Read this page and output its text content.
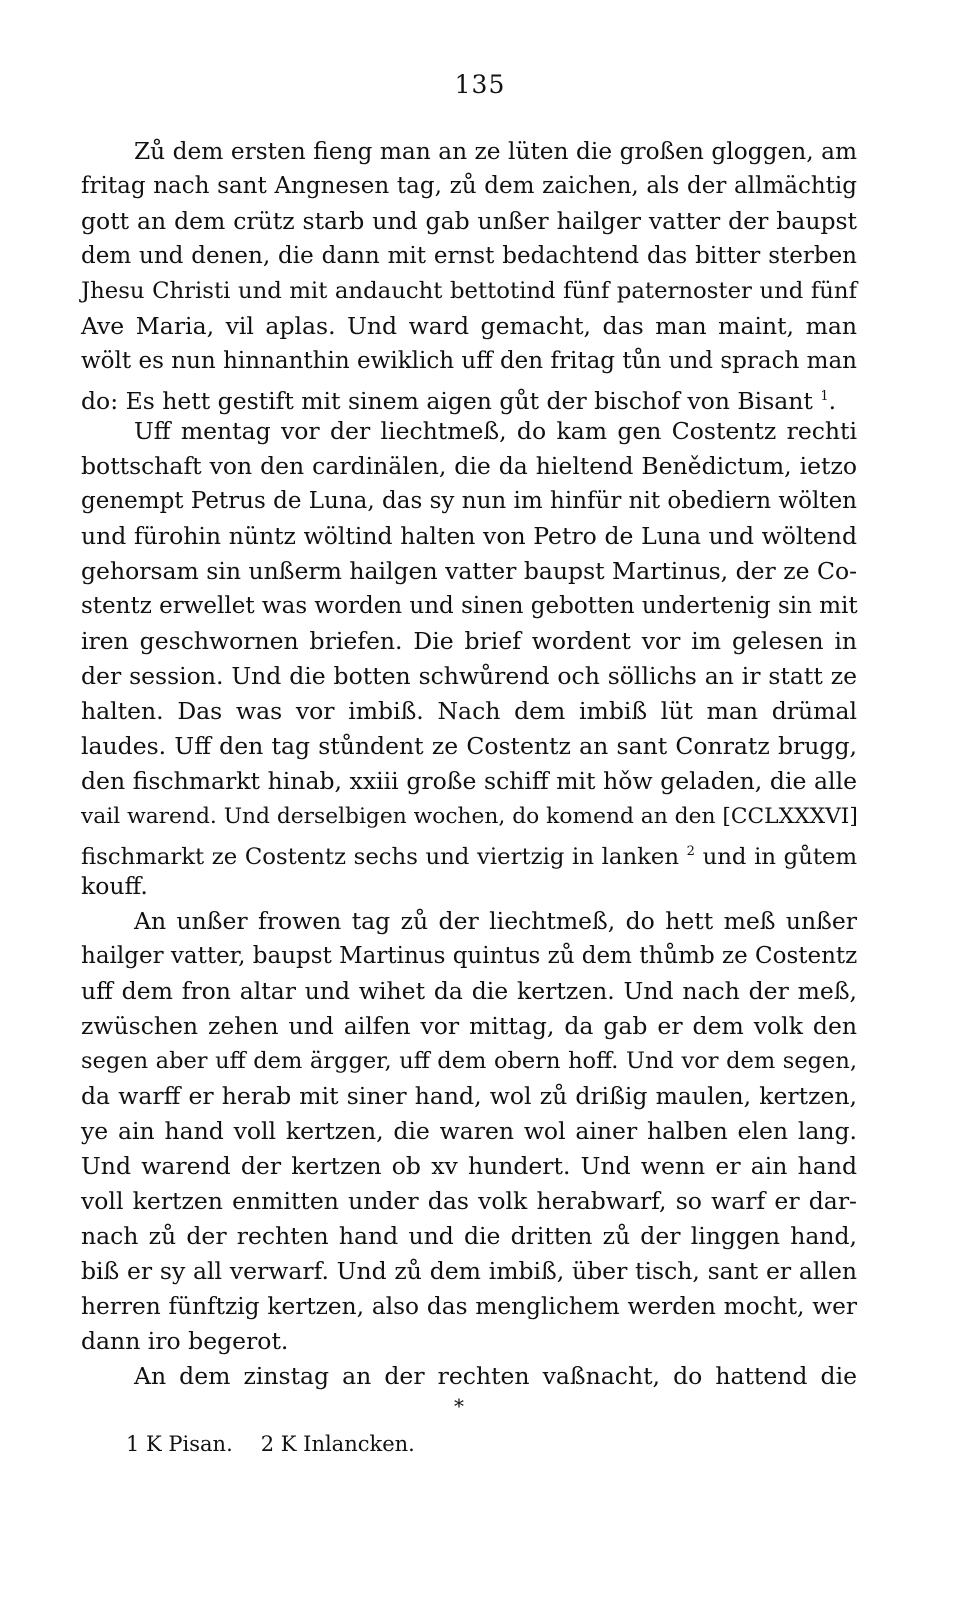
135
Zů dem ersten fieng man an ze lüten die großen gloggen, am
fritag nach sant Angnesen tag, zů dem zaichen, als der allmächtig
gott an dem crütz starb und gab unßer hailger vatter der baupst
dem und denen, die dann mit ernst bedachtend das bitter sterben
Jhesu Christi und mit andaucht bettotind fünf paternoster und fünf
Ave Maria, vil aplas. Und ward gemacht, das man maint, man
wölt es nun hinnanthin ewiklich uff den fritag tůn und sprach man
do: Es hett gestift mit sinem aigen gůt der bischof von Bisant $^1$.
Uff mentag vor der liechtmeß, do kam gen Costentz rechti
bottschaft von den cardinälen, die da hieltend Benědictum, ietzo
genempt Petrus de Luna, das sy nun im hinfür nit obediern wölten
und fürohin nüntz wöltind halten von Petro de Luna und wöltend
gehorsam sin unßerm hailgen vatter baupst Martinus, der ze Co-
stentz erwellet was worden und sinen gebotten undertenig sin mit
iren geschwornen briefen. Die brief wordent vor im gelesen in
der session. Und die botten schwůrend och söllichs an ir statt ze
halten. Das was vor imbiß. Nach dem imbiß lüt man drümal
laudes. Uff den tag stůndent ze Costentz an sant Conratz brugg,
den fischmarkt hinab, xxiii große schiff mit hǒw geladen, die alle
vail warend. Und derselbigen wochen, do komend an den [CCLXXXVI]
fischmarkt ze Costentz sechs und viertzig in lanken $^2$ und in gůtem
kouff.
An unßer frowen tag zů der liechtmeß, do hett meß unßer
hailger vatter, baupst Martinus quintus zů dem thůmb ze Costentz
uff dem fron altar und wihet da die kertzen. Und nach der meß,
zwüschen zehen und ailfen vor mittag, da gab er dem volk den
segen aber uff dem ärgger, uff dem obern hoff. Und vor dem segen,
da warff er herab mit siner hand, wol zů drißig maulen, kertzen,
ye ain hand voll kertzen, die waren wol ainer halben elen lang.
Und warend der kertzen ob xv hundert. Und wenn er ain hand
voll kertzen enmitten under das volk herabwarf, so warf er dar-
nach zů der rechten hand und die dritten zů der linggen hand,
biß er sy all verwarf. Und zů dem imbiß, über tisch, sant er allen
herren fünftzig kertzen, also das menglichem werden mocht, wer
dann iro begerot.
An dem zinstag an der rechten vaßnacht, do hattend die
*
1 K Pisan. 2 K Inlancken.
